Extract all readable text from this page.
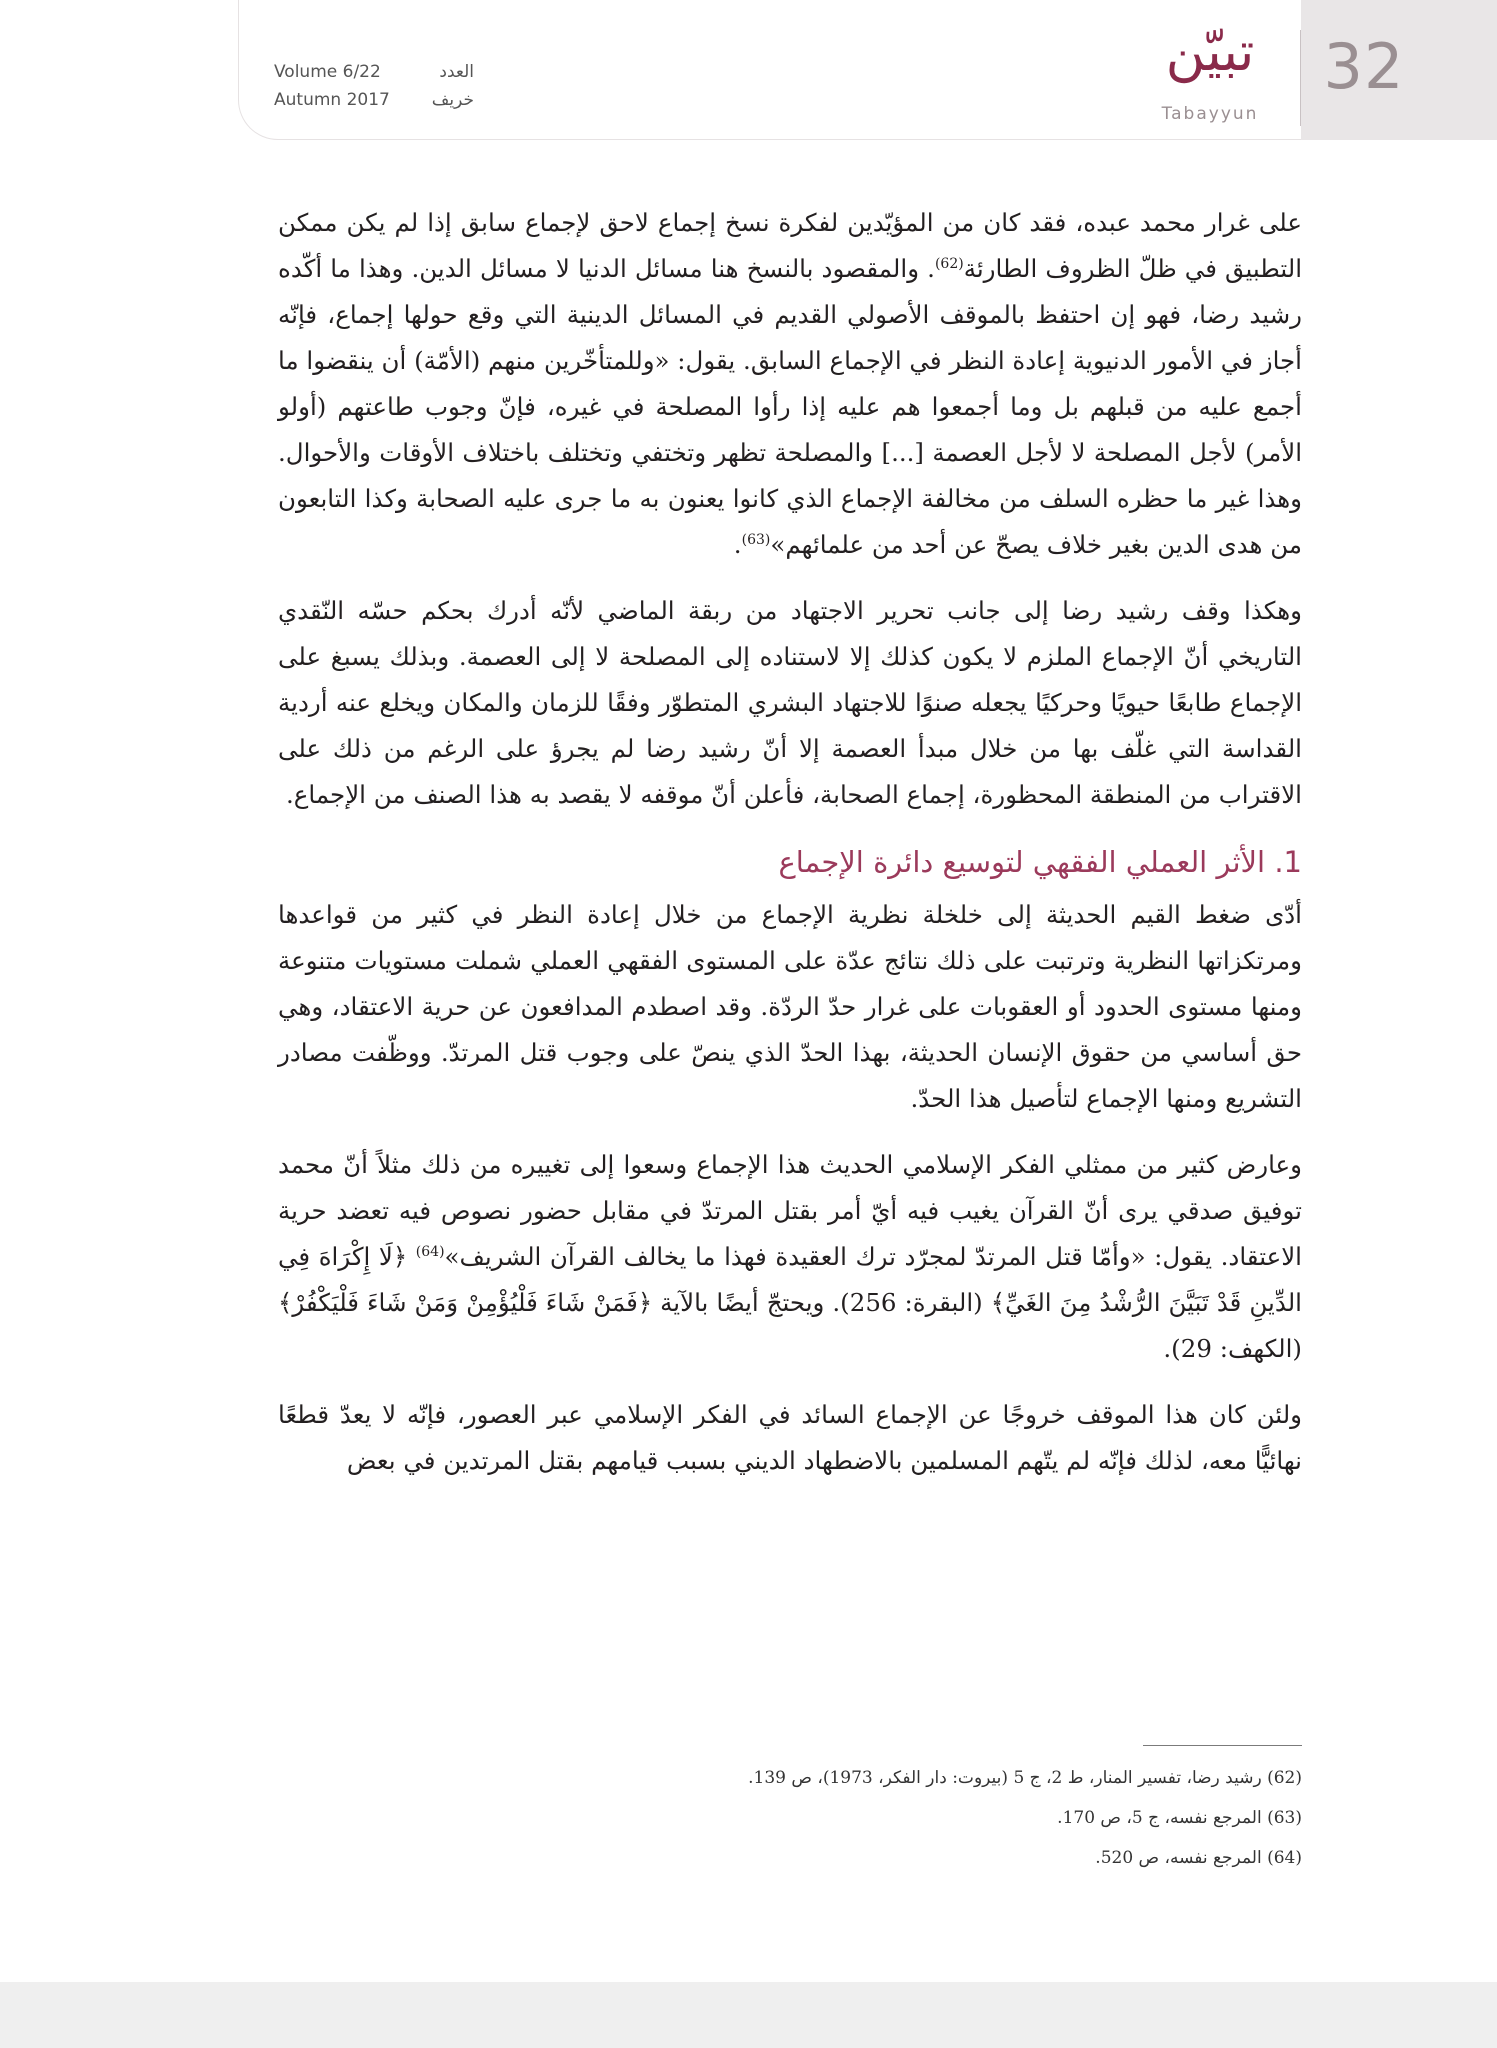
Volume 6/22	العدد
Autumn 2017 خريف
تبيّن
Tabayyun
32

على غرار محمد عبده، فقد كان من المؤيّدين لفكرة نسخ إجماع لاحق لإجماع سابق إذا لم يكن ممكن التطبيق في ظلّ الظروف الطارئة$^{(62)}$. والمقصود بالنسخ هنا مسائل الدنيا لا مسائل الدين. وهذا ما أكّده رشيد رضا، فهو إن احتفظ بالموقف الأصولي القديم في المسائل الدينية التي وقع حولها إجماع، فإنّه أجاز في الأمور الدنيوية إعادة النظر في الإجماع السابق. يقول: «وللمتأخّرين منهم (الأمّة) أن ينقضوا ما أجمع عليه من قبلهم بل وما أجمعوا هم عليه إذا رأوا المصلحة في غيره، فإنّ وجوب طاعتهم (أولو الأمر) لأجل المصلحة لا لأجل العصمة [...] والمصلحة تظهر وتختفي وتختلف باختلاف الأوقات والأحوال. وهذا غير ما حظره السلف من مخالفة الإجماع الذي كانوا يعنون به ما جرى عليه الصحابة وكذا التابعون من هدى الدين بغير خلاف يصحّ عن أحد من علمائهم»$^{(63)}$.

وهكذا وقف رشيد رضا إلى جانب تحرير الاجتهاد من ربقة الماضي لأنّه أدرك بحكم حسّه النّقدي التاريخي أنّ الإجماع الملزم لا يكون كذلك إلا لاستناده إلى المصلحة لا إلى العصمة. وبذلك يسبغ على الإجماع طابعًا حيويًا وحركيًا يجعله صنوًا للاجتهاد البشري المتطوّر وفقًا للزمان والمكان ويخلع عنه أردية القداسة التي غلّف بها من خلال مبدأ العصمة إلا أنّ رشيد رضا لم يجرؤ على الرغم من ذلك على الاقتراب من المنطقة المحظورة، إجماع الصحابة، فأعلن أنّ موقفه لا يقصد به هذا الصنف من الإجماع.

1. الأثر العملي الفقهي لتوسيع دائرة الإجماع

أدّى ضغط القيم الحديثة إلى خلخلة نظرية الإجماع من خلال إعادة النظر في كثير من قواعدها ومرتكزاتها النظرية وترتبت على ذلك نتائج عدّة على المستوى الفقهي العملي شملت مستويات متنوعة ومنها مستوى الحدود أو العقوبات على غرار حدّ الردّة. وقد اصطدم المدافعون عن حرية الاعتقاد، وهي حق أساسي من حقوق الإنسان الحديثة، بهذا الحدّ الذي ينصّ على وجوب قتل المرتدّ. ووظّفت مصادر التشريع ومنها الإجماع لتأصيل هذا الحدّ.

وعارض كثير من ممثلي الفكر الإسلامي الحديث هذا الإجماع وسعوا إلى تغييره من ذلك مثلاً أنّ محمد توفيق صدقي يرى أنّ القرآن يغيب فيه أيّ أمر بقتل المرتدّ في مقابل حضور نصوص فيه تعضد حرية الاعتقاد. يقول: «وأمّا قتل المرتدّ لمجرّد ترك العقيدة فهذا ما يخالف القرآن الشريف»$^{(64)}$ ﴿لَا إِكْرَاهَ فِي الدِّينِ قَدْ تَبَيَّنَ الرُّشْدُ مِنَ الغَيِّ﴾ (البقرة: 256). ويحتجّ أيضًا بالآية ﴿فَمَنْ شَاءَ فَلْيُؤْمِنْ وَمَنْ شَاءَ فَلْيَكْفُرْ﴾ (الكهف: 29).

ولئن كان هذا الموقف خروجًا عن الإجماع السائد في الفكر الإسلامي عبر العصور، فإنّه لا يعدّ قطعًا نهائيًّا معه، لذلك فإنّه لم يتّهم المسلمين بالاضطهاد الديني بسبب قيامهم بقتل المرتدين في بعض

(62) رشيد رضا، تفسير المنار، ط 2، ج 5 (بيروت: دار الفكر، 1973)، ص 139.
(63) المرجع نفسه، ج 5، ص 170.
(64) المرجع نفسه، ص 520.
